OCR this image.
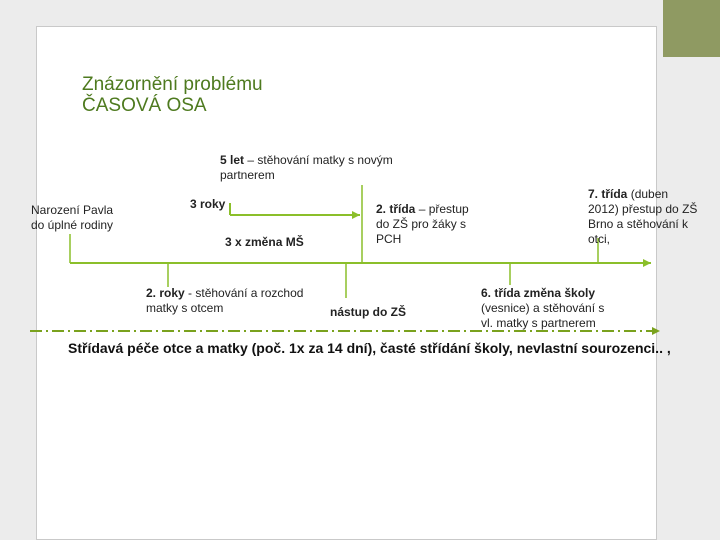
Znázornění problému
ČASOVÁ OSA

5 let – stěhování matky s novým partnerem

Narození Pavla do úplné rodiny

3 roky

3 x změna MŠ

2. roky - stěhování a rozchod matky s otcem

2. třída – přestup do ZŠ pro žáky s PCH

nástup do ZŠ

7. třída (duben 2012) přestup do ZŠ Brno a stěhování k otci,

6. třída změna školy (vesnice) a stěhování s vl. matky s partnerem

Střídavá péče otce a matky (poč. 1x za 14 dní), časté střídání školy, nevlastní sourozenci.. ,
